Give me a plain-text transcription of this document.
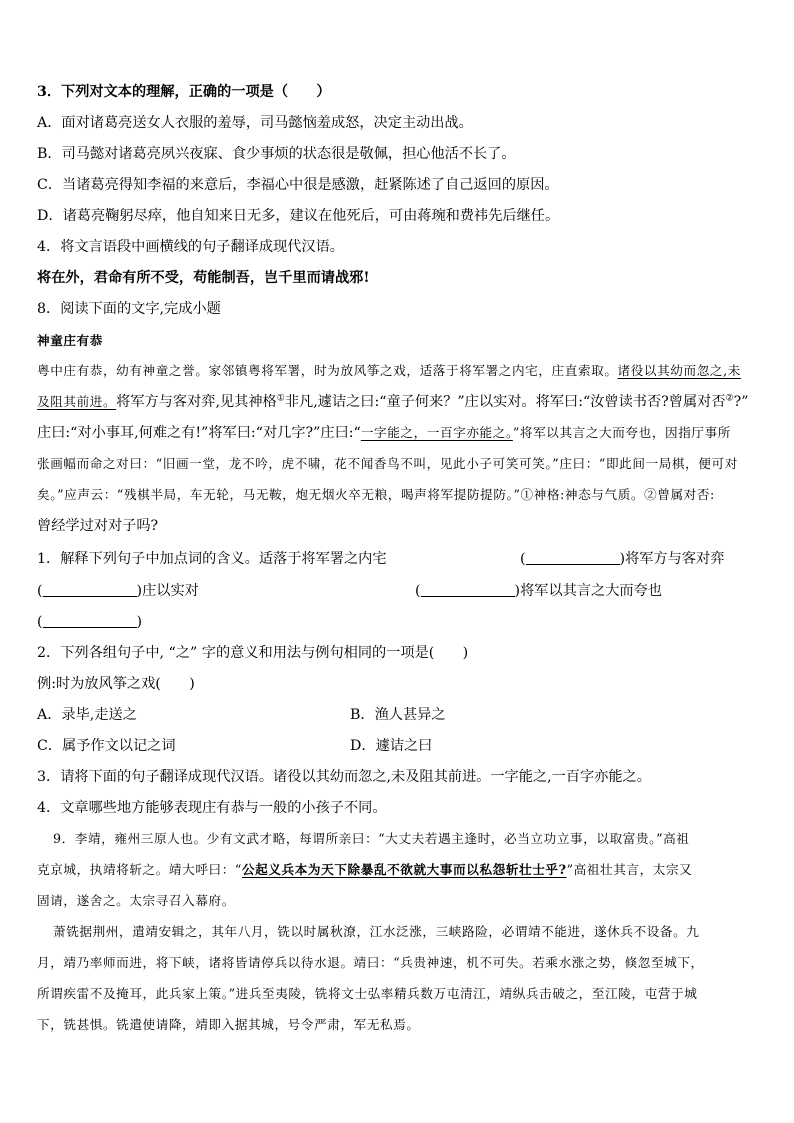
3．下列对文本的理解，正确的一项是（　　）
A．面对诸葛亮送女人衣服的羞辱，司马懿恼羞成怒，决定主动出战。
B．司马懿对诸葛亮夙兴夜寐、食少事烦的状态很是敬佩，担心他活不长了。
C．当诸葛亮得知李福的来意后，李福心中很是感激，赶紧陈述了自己返回的原因。
D．诸葛亮鞠躬尽瘁，他自知来日无多，建议在他死后，可由蒋琬和费祎先后继任。
4．将文言语段中画横线的句子翻译成现代汉语。
将在外，君命有所不受，苟能制吾，岂千里而请战邪!
8．阅读下面的文字,完成小题
神童庄有恭
粤中庄有恭，幼有神童之誉。家邻镇粤将军署，时为放风筝之戏，适落于将军署之内宅，庄直索取。诸役以其幼而忽之,未
及阻其前进。将军方与客对弈,见其神格①非凡,遽诘之曰:“童子何来？”庄以实对。将军曰:“汝曾读书否?曾属对否②?”
庄曰:“对小事耳,何难之有!”将军曰:“对几字?”庄曰:“一字能之，一百字亦能之。”将军以其言之大而夸也，因指厅事所
张画幅而命之对曰：“旧画一堂，龙不吟，虎不啸，花不闻香鸟不叫，见此小子可笑可笑。”庄曰：“即此间一局棋，便可对
矣。”应声云：“残棋半局，车无轮，马无鞍，炮无烟火卒无粮，喝声将军提防提防。”①神格:神态与气质。②曾属对否:
曾经学过对对子吗?
1．解释下列句子中加点词的含义。适落于将军署之内宅	(	)将军方与客对弈
(	)庄以实对	(	)将军以其言之大而夸也
(	)
2．下列各组句子中, “之” 字的意义和用法与例句相同的一项是(　　)
例:时为放风筝之戏(　　)
A．录毕,走送之	B．渔人甚异之
C．属予作文以记之词	D．遽诘之曰
3．请将下面的句子翻译成现代汉语。诸役以其幼而忽之,未及阻其前进。一字能之,一百字亦能之。
4．文章哪些地方能够表现庄有恭与一般的小孩子不同。
9．李靖，雍州三原人也。少有文武才略，每谓所亲曰：“大丈夫若遇主逢时，必当立功立事，以取富贵。”高祖
克京城，执靖将斩之。靖大呼曰：“公起义兵本为天下除暴乱不欲就大事而以私怨斩壮士乎?”高祖壮其言，太宗又
固请，遂舍之。太宗寻召入幕府。
萧铣据荆州，遣靖安辑之，其年八月，铣以时属秋潦，江水泛涨，三峡路险，必谓靖不能进，遂休兵不设备。九
月，靖乃率师而进，将下峡，诸将皆请停兵以待水退。靖曰：“兵贵神速，机不可失。若乘水涨之势，倏忽至城下，
所谓疾雷不及掩耳，此兵家上策。”进兵至夷陵，铣将文士弘率精兵数万屯清江，靖纵兵击破之，至江陵，屯营于城
下，铣甚惧。铣遣使请降，靖即入据其城，号令严肃，军无私焉。
